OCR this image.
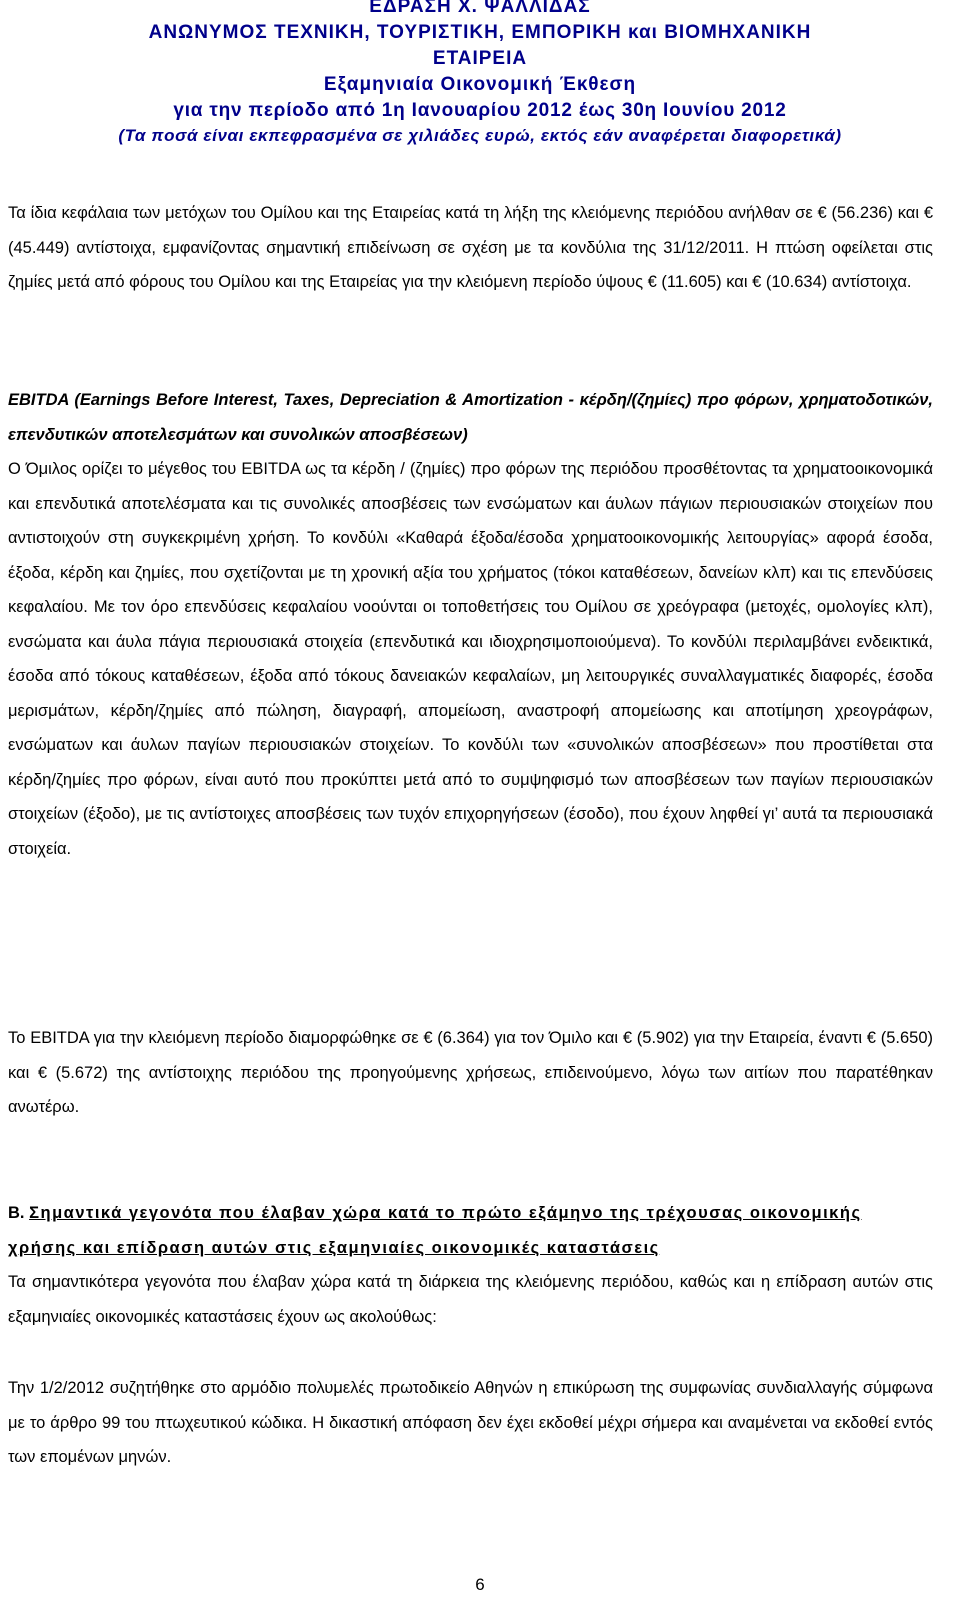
ΕΔΡΑΣΗ Χ. ΨΑΛΛΙΔΑΣ
ΑΝΩΝΥΜΟΣ ΤΕΧΝΙΚΗ, ΤΟΥΡΙΣΤΙΚΗ, ΕΜΠΟΡΙΚΗ και ΒΙΟΜΗΧΑΝΙΚΗ
ΕΤΑΙΡΕΙΑ
Εξαμηνιαία Οικονομική Έκθεση
για την περίοδο από 1η Ιανουαρίου 2012 έως 30η Ιουνίου 2012
(Τα ποσά είναι εκπεφρασμένα σε χιλιάδες ευρώ, εκτός εάν αναφέρεται διαφορετικά)

Τα ίδια κεφάλαια των μετόχων του Ομίλου και της Εταιρείας κατά τη λήξη της κλειόμενης περιόδου ανήλθαν σε € (56.236) και € (45.449) αντίστοιχα, εμφανίζοντας σημαντική επιδείνωση σε σχέση με τα κονδύλια της 31/12/2011. Η πτώση οφείλεται στις ζημίες μετά από φόρους του Ομίλου και της Εταιρείας για την κλειόμενη περίοδο ύψους € (11.605) και € (10.634) αντίστοιχα.

EBITDA (Earnings Before Interest, Taxes, Depreciation & Amortization - κέρδη/(ζημίες) προ φόρων, χρηματοδοτικών, επενδυτικών αποτελεσμάτων και συνολικών αποσβέσεων)

Ο Όμιλος ορίζει το μέγεθος του EBITDA ως τα κέρδη / (ζημίες) προ φόρων της περιόδου προσθέτοντας τα χρηματοοικονομικά και επενδυτικά αποτελέσματα και τις συνολικές αποσβέσεις των ενσώματων και άυλων πάγιων περιουσιακών στοιχείων που αντιστοιχούν στη συγκεκριμένη χρήση. Το κονδύλι «Καθαρά έξοδα/έσοδα χρηματοοικονομικής λειτουργίας» αφορά έσοδα, έξοδα, κέρδη και ζημίες, που σχετίζονται με τη χρονική αξία του χρήματος (τόκοι καταθέσεων, δανείων κλπ) και τις επενδύσεις κεφαλαίου. Με τον όρο επενδύσεις κεφαλαίου νοούνται οι τοποθετήσεις του Ομίλου σε χρεόγραφα (μετοχές, ομολογίες κλπ), ενσώματα και άυλα πάγια περιουσιακά στοιχεία (επενδυτικά και ιδιοχρησιμοποιούμενα). Το κονδύλι περιλαμβάνει ενδεικτικά, έσοδα από τόκους καταθέσεων, έξοδα από τόκους δανειακών κεφαλαίων, μη λειτουργικές συναλλαγματικές διαφορές, έσοδα μερισμάτων, κέρδη/ζημίες από πώληση, διαγραφή, απομείωση, αναστροφή απομείωσης και αποτίμηση χρεογράφων, ενσώματων και άυλων παγίων περιουσιακών στοιχείων. Το κονδύλι των «συνολικών αποσβέσεων» που προστίθεται στα κέρδη/ζημίες προ φόρων, είναι αυτό που προκύπτει μετά από το συμψηφισμό των αποσβέσεων των παγίων περιουσιακών στοιχείων (έξοδο), με τις αντίστοιχες αποσβέσεις των τυχόν επιχορηγήσεων (έσοδο), που έχουν ληφθεί γι’ αυτά τα περιουσιακά στοιχεία.

Το EBITDA για την κλειόμενη περίοδο διαμορφώθηκε σε € (6.364) για τον Όμιλο και € (5.902) για την Εταιρεία, έναντι € (5.650) και € (5.672) της αντίστοιχης περιόδου της προηγούμενης χρήσεως, επιδεινούμενο, λόγω των αιτίων που παρατέθηκαν ανωτέρω.

Β. Σημαντικά γεγονότα που έλαβαν χώρα κατά το πρώτο εξάμηνο της τρέχουσας οικονομικής χρήσης και επίδραση αυτών στις εξαμηνιαίες οικονομικές καταστάσεις

Τα σημαντικότερα γεγονότα που έλαβαν χώρα κατά τη διάρκεια της κλειόμενης περιόδου, καθώς και η επίδραση αυτών στις εξαμηνιαίες οικονομικές καταστάσεις έχουν ως ακολούθως:

Την 1/2/2012 συζητήθηκε στο αρμόδιο πολυμελές πρωτοδικείο Αθηνών η επικύρωση της συμφωνίας συνδιαλλαγής σύμφωνα με το άρθρο 99 του πτωχευτικού κώδικα. Η δικαστική απόφαση δεν έχει εκδοθεί μέχρι σήμερα και αναμένεται να εκδοθεί εντός των επομένων μηνών.

6
